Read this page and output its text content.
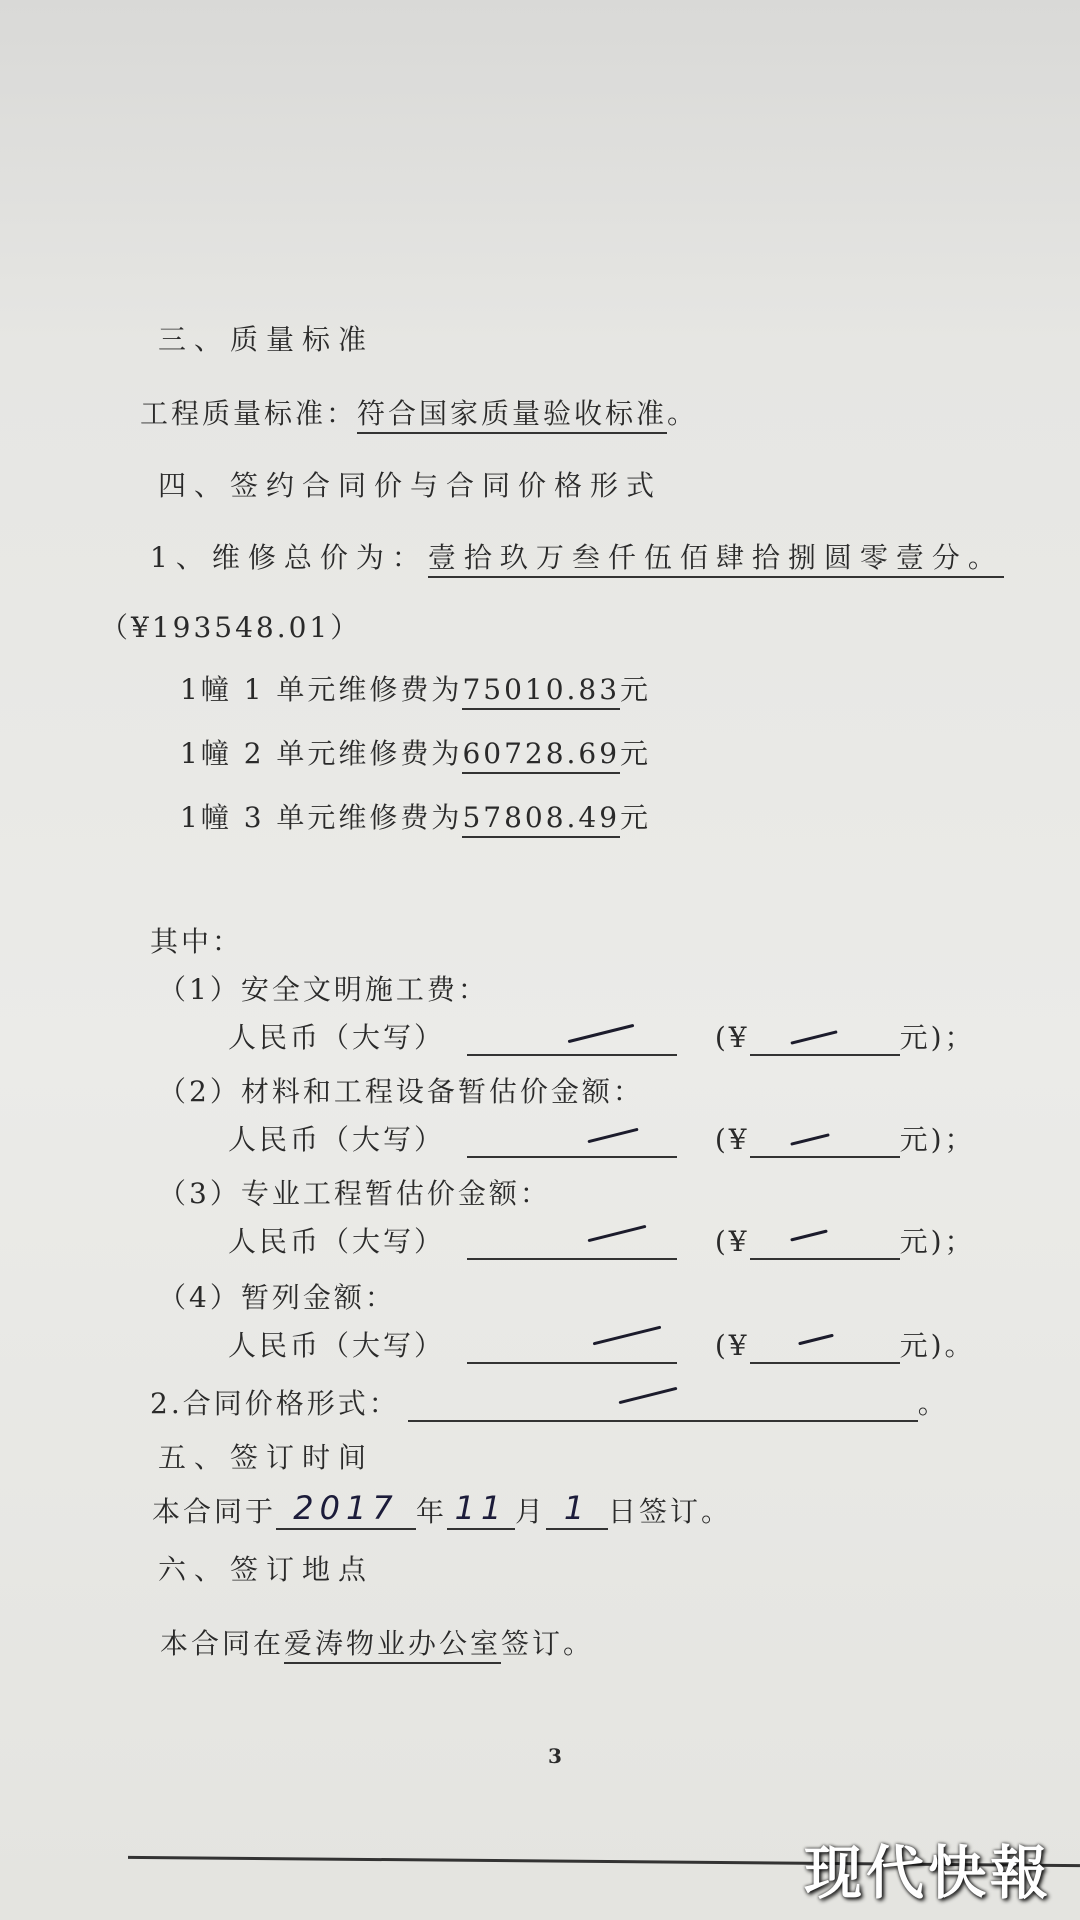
三、质量标准
工程质量标准：符合国家质量验收标准。
四、签约合同价与合同价格形式
1、维修总价为：壹拾玖万叁仟伍佰肆拾捌圆零壹分。
（¥193548.01）
1幢 1 单元维修费为75010.83元
1幢 2 单元维修费为60728.69元
1幢 3 单元维修费为57808.49元
其中：
（1）安全文明施工费：
人民币（大写）	(¥	元)；
（2）材料和工程设备暂估价金额：
人民币（大写）	(¥	元)；
（3）专业工程暂估价金额：
人民币（大写）	(¥	元)；
（4）暂列金额：
人民币（大写）	(¥	元)。
2.合同价格形式：	。
五、签订时间
本合同于 2017 年 11 月 1 日签订。
六、签订地点
本合同在爱涛物业办公室签订。
3
现代快報
